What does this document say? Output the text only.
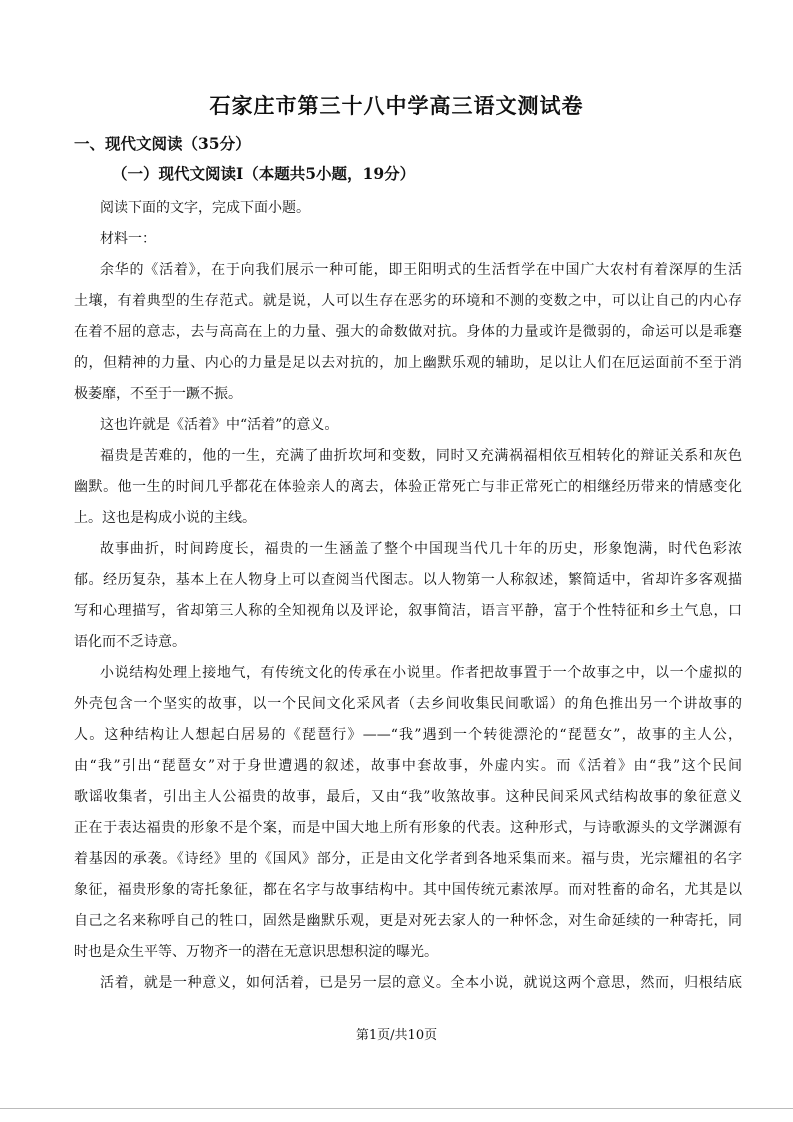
石家庄市第三十八中学高三语文测试卷
一、现代文阅读（35分）
（一）现代文阅读Ⅰ（本题共5小题，19分）
阅读下面的文字，完成下面小题。
材料一：
余华的《活着》，在于向我们展示一种可能，即王阳明式的生活哲学在中国广大农村有着深厚的生活
土壤，有着典型的生存范式。就是说，人可以生存在恶劣的环境和不测的变数之中，可以让自己的内心存
在着不屈的意志，去与高高在上的力量、强大的命数做对抗。身体的力量或许是微弱的，命运可以是乖蹇
的，但精神的力量、内心的力量是足以去对抗的，加上幽默乐观的辅助，足以让人们在厄运面前不至于消
极萎靡，不至于一蹶不振。
这也许就是《活着》中“活着”的意义。
福贵是苦难的，他的一生，充满了曲折坎坷和变数，同时又充满祸福相依互相转化的辩证关系和灰色
幽默。他一生的时间几乎都花在体验亲人的离去，体验正常死亡与非正常死亡的相继经历带来的情感变化
上。这也是构成小说的主线。
故事曲折，时间跨度长，福贵的一生涵盖了整个中国现当代几十年的历史，形象饱满，时代色彩浓
郁。经历复杂，基本上在人物身上可以查阅当代图志。以人物第一人称叙述，繁简适中，省却许多客观描
写和心理描写，省却第三人称的全知视角以及评论，叙事简洁，语言平静，富于个性特征和乡土气息，口
语化而不乏诗意。
小说结构处理上接地气，有传统文化的传承在小说里。作者把故事置于一个故事之中，以一个虚拟的
外壳包含一个坚实的故事，以一个民间文化采风者（去乡间收集民间歌谣）的角色推出另一个讲故事的
人。这种结构让人想起白居易的《琵琶行》——“我”遇到一个转徙漂沦的“琵琶女”，故事的主人公，
由“我”引出“琵琶女”对于身世遭遇的叙述，故事中套故事，外虚内实。而《活着》由“我”这个民间
歌谣收集者，引出主人公福贵的故事，最后，又由“我”收煞故事。这种民间采风式结构故事的象征意义
正在于表达福贵的形象不是个案，而是中国大地上所有形象的代表。这种形式，与诗歌源头的文学渊源有
着基因的承袭。《诗经》里的《国风》部分，正是由文化学者到各地采集而来。福与贵，光宗耀祖的名字
象征，福贵形象的寄托象征，都在名字与故事结构中。其中国传统元素浓厚。而对牲畜的命名，尤其是以
自己之名来称呼自己的牲口，固然是幽默乐观，更是对死去家人的一种怀念，对生命延续的一种寄托，同
时也是众生平等、万物齐一的潜在无意识思想积淀的曝光。
活着，就是一种意义，如何活着，已是另一层的意义。全本小说，就说这两个意思，然而，归根结底
第1页/共10页
